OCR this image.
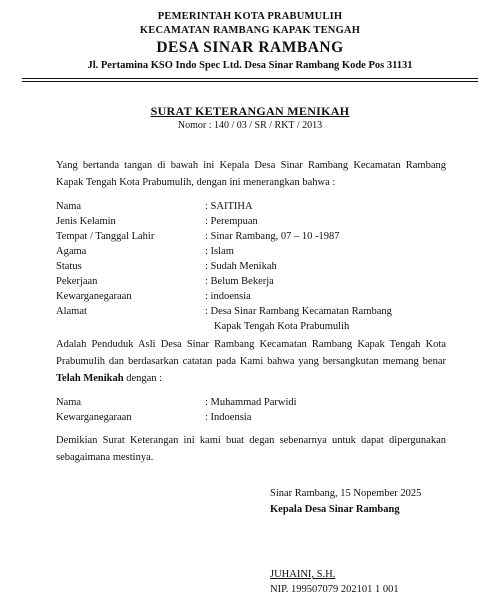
PEMERINTAH KOTA PRABUMULIH
KECAMATAN RAMBANG KAPAK TENGAH
DESA SINAR RAMBANG
Jl. Pertamina KSO Indo Spec Ltd. Desa Sinar Rambang Kode Pos 31131
SURAT KETERANGAN MENIKAH
Nomor : 140 / 03 / SR / RKT / 2013
Yang bertanda tangan di bawah ini Kepala Desa Sinar Rambang Kecamatan Rambang Kapak Tengah Kota Prabumulih, dengan ini menerangkan bahwa :
Nama	: SAITIHA
Jenis Kelamin	: Perempuan
Tempat / Tanggal Lahir	: Sinar Rambang, 07 – 10 -1987
Agama	: Islam
Status	: Sudah Menikah
Pekerjaan	: Belum Bekerja
Kewarganegaraan	: indoensia
Alamat	: Desa Sinar Rambang Kecamatan Rambang
Kapak Tengah Kota Prabumulih
Adalah Penduduk Asli Desa Sinar Rambang Kecamatan Rambang Kapak Tengah Kota Prabumulih dan berdasarkan catatan pada Kami bahwa yang bersangkutan memang benar Telah Menikah dengan :
Nama	: Muhammad Parwidi
Kewarganegaraan	: Indoensia
Demikian Surat Keterangan ini kami buat degan sebenarnya untuk dapat dipergunakan sebagaimana mestinya.
Sinar Rambang, 15 Nopember 2025
Kepala Desa Sinar Rambang
JUHAINI, S.H.
NIP. 199507079 202101 1 001
